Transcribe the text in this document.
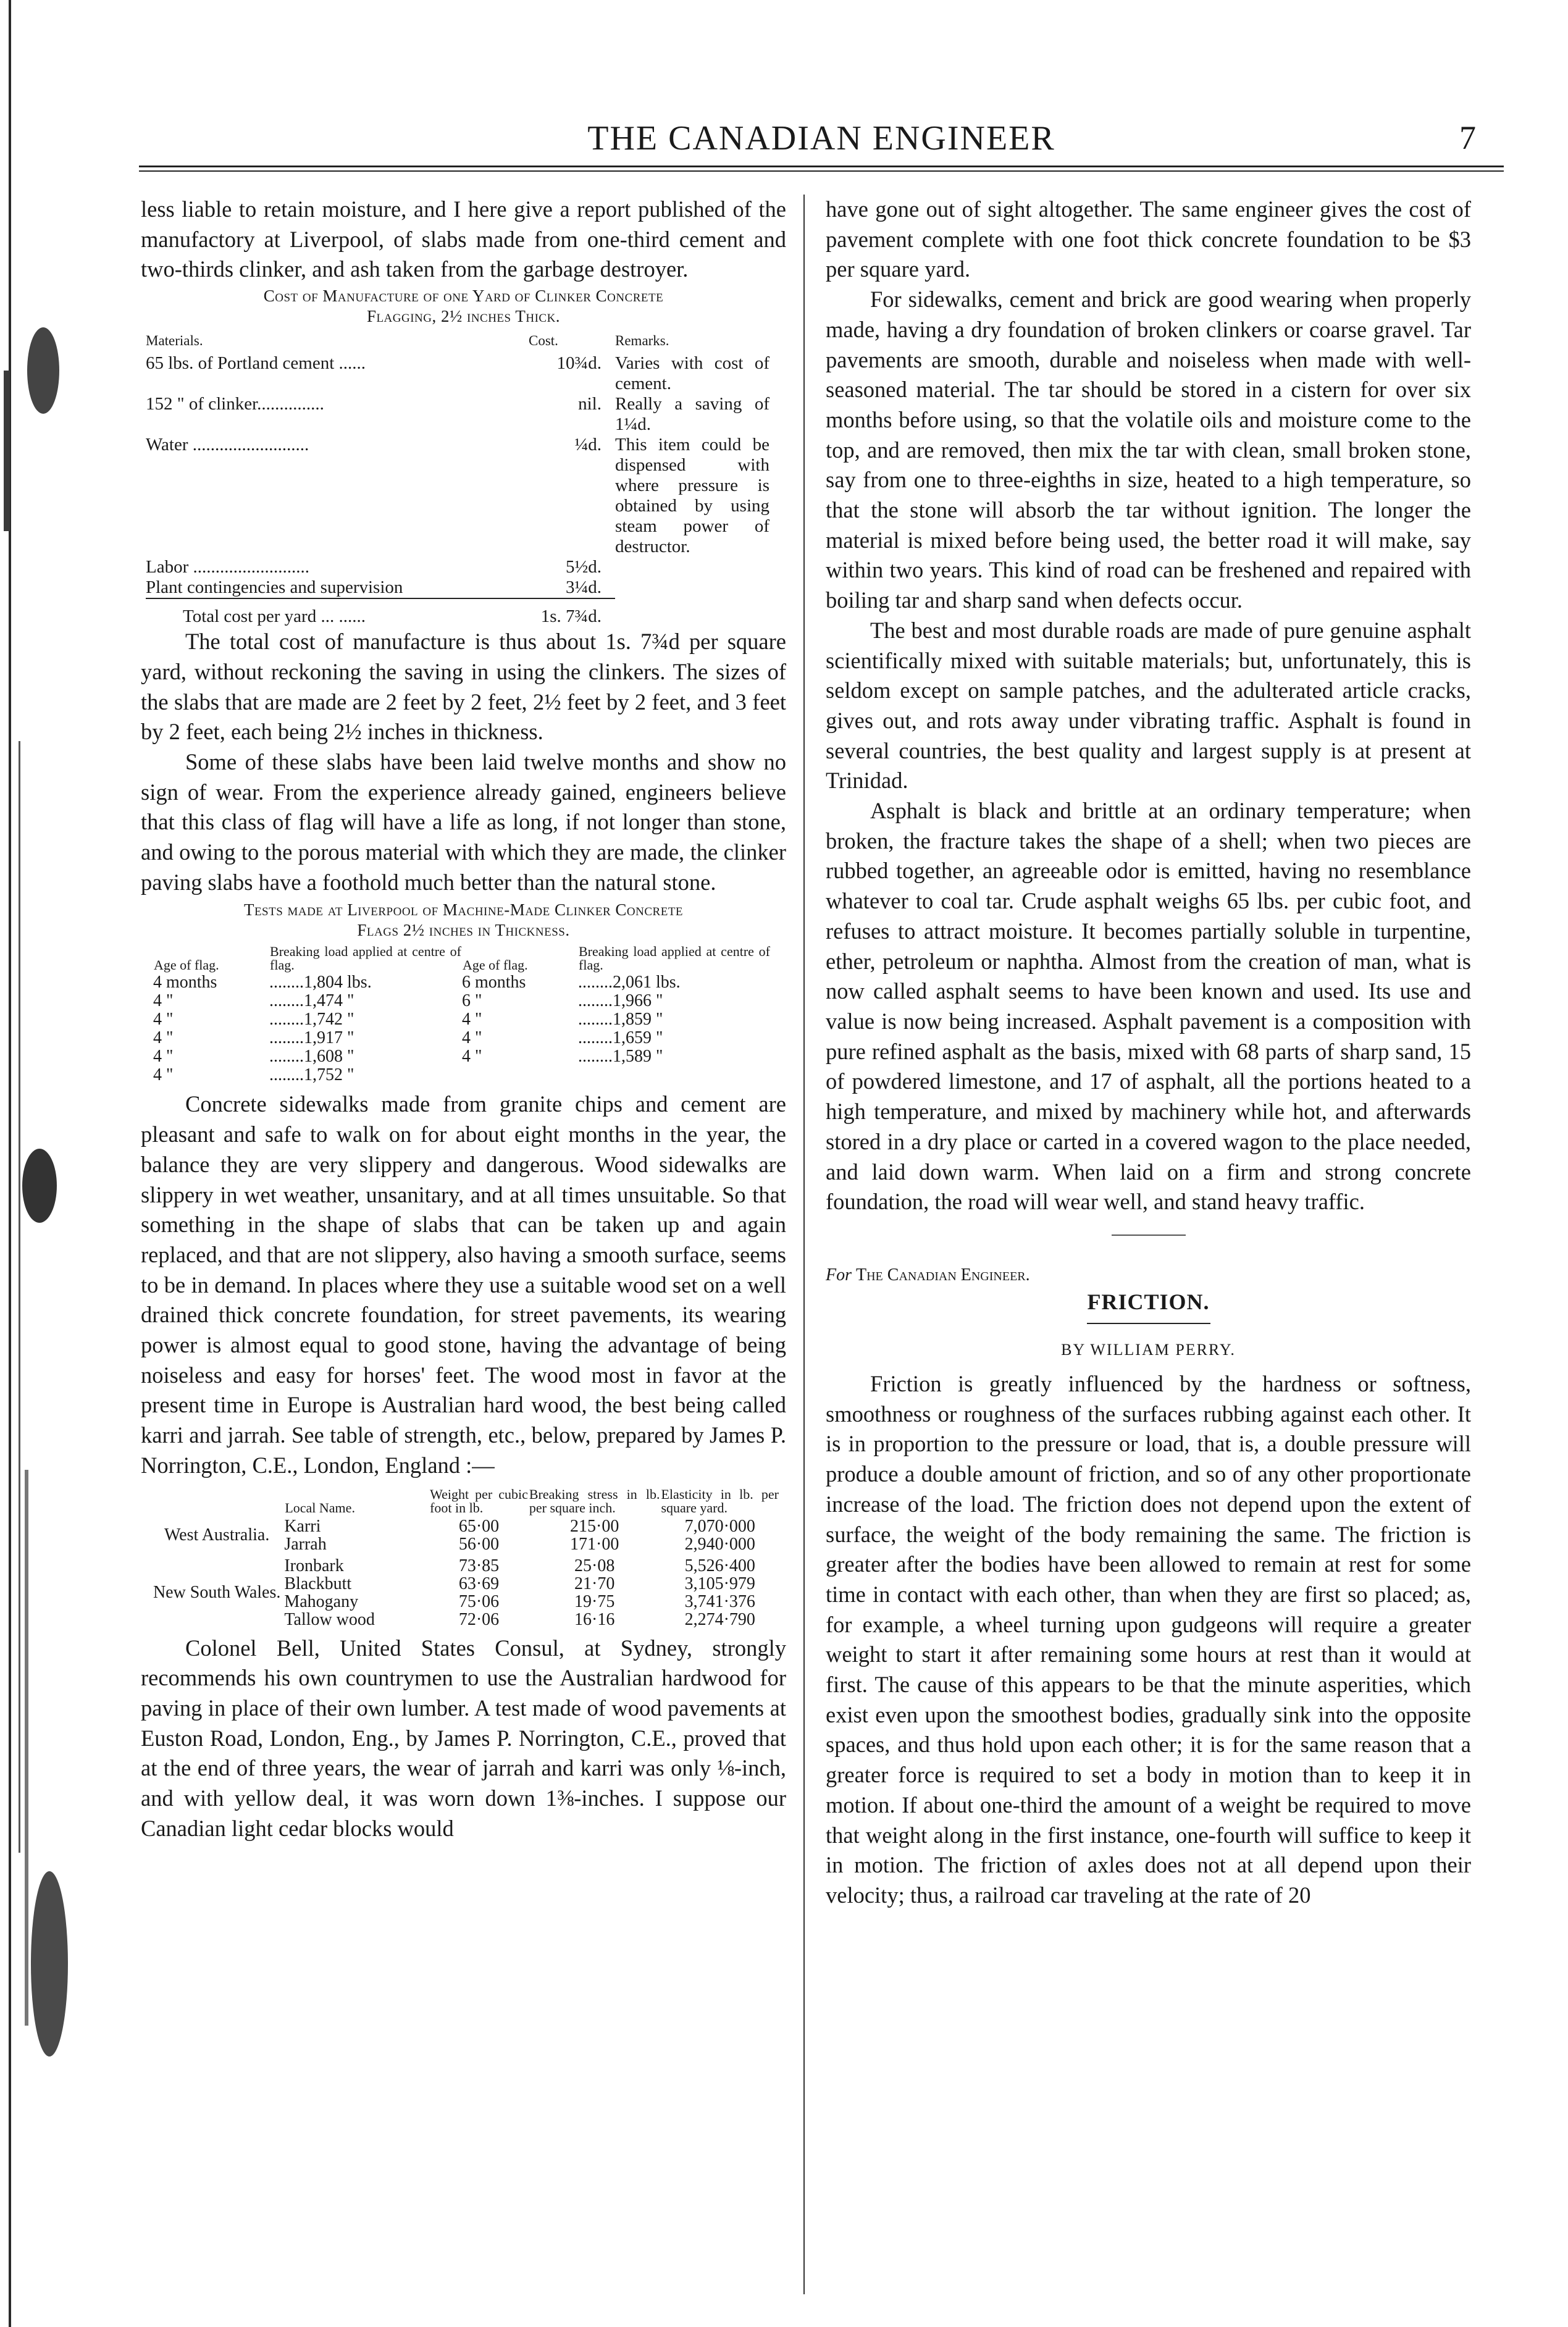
THE CANADIAN ENGINEER	7

less liable to retain moisture, and I here give a report published of the manufactory at Liverpool, of slabs made from one-third cement and two-thirds clinker, and ash taken from the garbage destroyer.

Cost of Manufacture of one Yard of Clinker Concrete
Flagging, 2½ inches Thick.
Materials.	Cost.	Remarks.
65 lbs. of Portland cement ......	10¾d.	Varies with cost of cement.
152 " of clinker...............	nil.	Really a saving of 1¼d.
Water ..........................	¼d.	This item could be dispensed with where pressure is obtained by using steam power of destructor.
Labor ..........................	5½d.	
Plant contingencies and supervision	3¼d.	
Total cost per yard ... ......	1s. 7¾d.	

The total cost of manufacture is thus about 1s. 7¾d per square yard, without reckoning the saving in using the clinkers. The sizes of the slabs that are made are 2 feet by 2 feet, 2½ feet by 2 feet, and 3 feet by 2 feet, each being 2½ inches in thickness.

Some of these slabs have been laid twelve months and show no sign of wear. From the experience already gained, engineers believe that this class of flag will have a life as long, if not longer than stone, and owing to the porous material with which they are made, the clinker paving slabs have a foothold much better than the natural stone.

Tests made at Liverpool of Machine-Made Clinker Concrete
Flags 2½ inches in Thickness.
Age of flag.	Breaking load applied at centre of flag.	Age of flag.	Breaking load applied at centre of flag.
4 months	........1,804 lbs.	6 months	........2,061 lbs.
4 "	........1,474 "	6 "	........1,966 "
4 "	........1,742 "	4 "	........1,859 "
4 "	........1,917 "	4 "	........1,659 "
4 "	........1,608 "	4 "	........1,589 "
4 "	........1,752 "		

Concrete sidewalks made from granite chips and cement are pleasant and safe to walk on for about eight months in the year, the balance they are very slippery and dangerous. Wood sidewalks are slippery in wet weather, unsanitary, and at all times unsuitable. So that something in the shape of slabs that can be taken up and again replaced, and that are not slippery, also having a smooth surface, seems to be in demand. In places where they use a suitable wood set on a well drained thick concrete foundation, for street pavements, its wearing power is almost equal to good stone, having the advantage of being noiseless and easy for horses' feet. The wood most in favor at the present time in Europe is Australian hard wood, the best being called karri and jarrah. See table of strength, etc., below, prepared by James P. Norrington, C.E., London, England :—

	Local Name.	Weight per cubic foot in lb.	Breaking stress in lb. per square inch.	Elasticity in lb. per square yard.
West Australia.	Karri	65·00	215·00	7,070·000
	Jarrah	56·00	171·00	2,940·000
New South Wales.	Ironbark	73·85	25·08	5,526·400
	Blackbutt	63·69	21·70	3,105·979
	Mahogany	75·06	19·75	3,741·376
	Tallow wood	72·06	16·16	2,274·790

Colonel Bell, United States Consul, at Sydney, strongly recommends his own countrymen to use the Australian hardwood for paving in place of their own lumber. A test made of wood pavements at Euston Road, London, Eng., by James P. Norrington, C.E., proved that at the end of three years, the wear of jarrah and karri was only ⅛-inch, and with yellow deal, it was worn down 1⅜-inches. I suppose our Canadian light cedar blocks would

have gone out of sight altogether. The same engineer gives the cost of pavement complete with one foot thick concrete foundation to be $3 per square yard.

For sidewalks, cement and brick are good wearing when properly made, having a dry foundation of broken clinkers or coarse gravel. Tar pavements are smooth, durable and noiseless when made with well-seasoned material. The tar should be stored in a cistern for over six months before using, so that the volatile oils and moisture come to the top, and are removed, then mix the tar with clean, small broken stone, say from one to three-eighths in size, heated to a high temperature, so that the stone will absorb the tar without ignition. The longer the material is mixed before being used, the better road it will make, say within two years. This kind of road can be freshened and repaired with boiling tar and sharp sand when defects occur.

The best and most durable roads are made of pure genuine asphalt scientifically mixed with suitable materials; but, unfortunately, this is seldom except on sample patches, and the adulterated article cracks, gives out, and rots away under vibrating traffic. Asphalt is found in several countries, the best quality and largest supply is at present at Trinidad.

Asphalt is black and brittle at an ordinary temperature; when broken, the fracture takes the shape of a shell; when two pieces are rubbed together, an agreeable odor is emitted, having no resemblance whatever to coal tar. Crude asphalt weighs 65 lbs. per cubic foot, and refuses to attract moisture. It becomes partially soluble in turpentine, ether, petroleum or naphtha. Almost from the creation of man, what is now called asphalt seems to have been known and used. Its use and value is now being increased. Asphalt pavement is a composition with pure refined asphalt as the basis, mixed with 68 parts of sharp sand, 15 of powdered limestone, and 17 of asphalt, all the portions heated to a high temperature, and mixed by machinery while hot, and afterwards stored in a dry place or carted in a covered wagon to the place needed, and laid down warm. When laid on a firm and strong concrete foundation, the road will wear well, and stand heavy traffic.

For The Canadian Engineer.
FRICTION.
BY WILLIAM PERRY.

Friction is greatly influenced by the hardness or softness, smoothness or roughness of the surfaces rubbing against each other. It is in proportion to the pressure or load, that is, a double pressure will produce a double amount of friction, and so of any other proportionate increase of the load. The friction does not depend upon the extent of surface, the weight of the body remaining the same. The friction is greater after the bodies have been allowed to remain at rest for some time in contact with each other, than when they are first so placed; as, for example, a wheel turning upon gudgeons will require a greater weight to start it after remaining some hours at rest than it would at first. The cause of this appears to be that the minute asperities, which exist even upon the smoothest bodies, gradually sink into the opposite spaces, and thus hold upon each other; it is for the same reason that a greater force is required to set a body in motion than to keep it in motion. If about one-third the amount of a weight be required to move that weight along in the first instance, one-fourth will suffice to keep it in motion. The friction of axles does not at all depend upon their velocity; thus, a railroad car traveling at the rate of 20
